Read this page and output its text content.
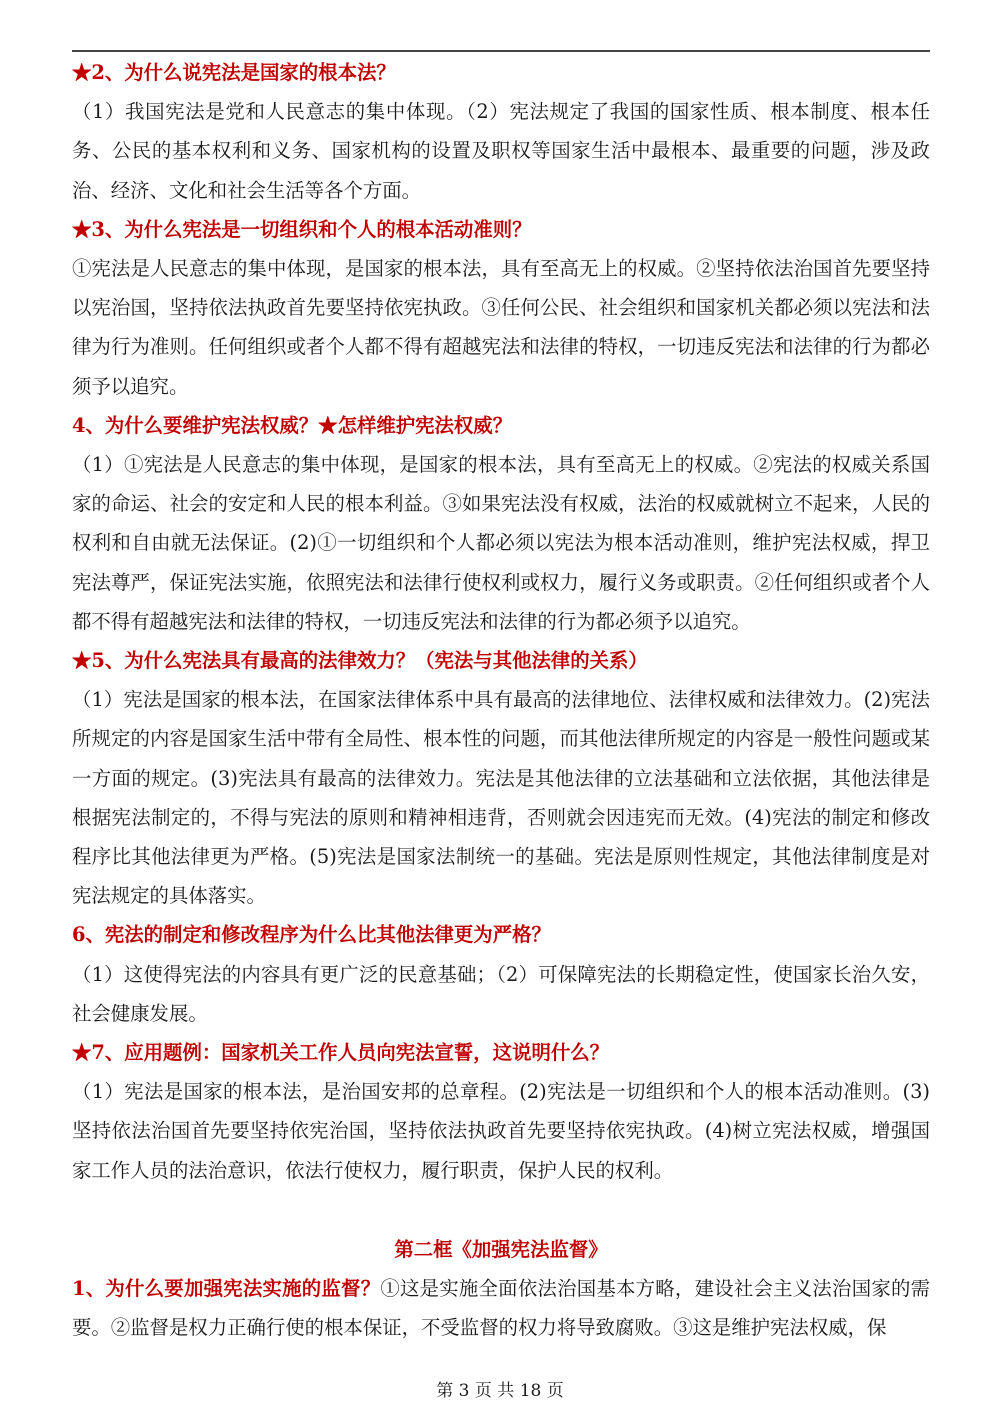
★2、为什么说宪法是国家的根本法？

（1）我国宪法是党和人民意志的集中体现。（2）宪法规定了我国的国家性质、根本制度、根本任务、公民的基本权利和义务、国家机构的设置及职权等国家生活中最根本、最重要的问题，涉及政治、经济、文化和社会生活等各个方面。

★3、为什么宪法是一切组织和个人的根本活动准则？

①宪法是人民意志的集中体现，是国家的根本法，具有至高无上的权威。②坚持依法治国首先要坚持以宪治国，坚持依法执政首先要坚持依宪执政。③任何公民、社会组织和国家机关都必须以宪法和法律为行为准则。任何组织或者个人都不得有超越宪法和法律的特权，一切违反宪法和法律的行为都必须予以追究。

4、为什么要维护宪法权威？★怎样维护宪法权威？

（1）①宪法是人民意志的集中体现，是国家的根本法，具有至高无上的权威。②宪法的权威关系国家的命运、社会的安定和人民的根本利益。③如果宪法没有权威，法治的权威就树立不起来，人民的权利和自由就无法保证。(2)①一切组织和个人都必须以宪法为根本活动准则，维护宪法权威，捍卫宪法尊严，保证宪法实施，依照宪法和法律行使权利或权力，履行义务或职责。②任何组织或者个人都不得有超越宪法和法律的特权，一切违反宪法和法律的行为都必须予以追究。

★5、为什么宪法具有最高的法律效力？（宪法与其他法律的关系）

（1）宪法是国家的根本法，在国家法律体系中具有最高的法律地位、法律权威和法律效力。(2)宪法所规定的内容是国家生活中带有全局性、根本性的问题，而其他法律所规定的内容是一般性问题或某一方面的规定。(3)宪法具有最高的法律效力。宪法是其他法律的立法基础和立法依据，其他法律是根据宪法制定的，不得与宪法的原则和精神相违背，否则就会因违宪而无效。(4)宪法的制定和修改程序比其他法律更为严格。(5)宪法是国家法制统一的基础。宪法是原则性规定，其他法律制度是对宪法规定的具体落实。

6、宪法的制定和修改程序为什么比其他法律更为严格？

（1）这使得宪法的内容具有更广泛的民意基础；（2）可保障宪法的长期稳定性，使国家长治久安，社会健康发展。

★7、应用题例：国家机关工作人员向宪法宣誓，这说明什么？

（1）宪法是国家的根本法，是治国安邦的总章程。(2)宪法是一切组织和个人的根本活动准则。(3)坚持依法治国首先要坚持依宪治国，坚持依法执政首先要坚持依宪执政。(4)树立宪法权威，增强国家工作人员的法治意识，依法行使权力，履行职责，保护人民的权利。

第二框《加强宪法监督》

1、为什么要加强宪法实施的监督？①这是实施全面依法治国基本方略，建设社会主义法治国家的需要。②监督是权力正确行使的根本保证，不受监督的权力将导致腐败。③这是维护宪法权威，保

第 3 页 共 18 页
